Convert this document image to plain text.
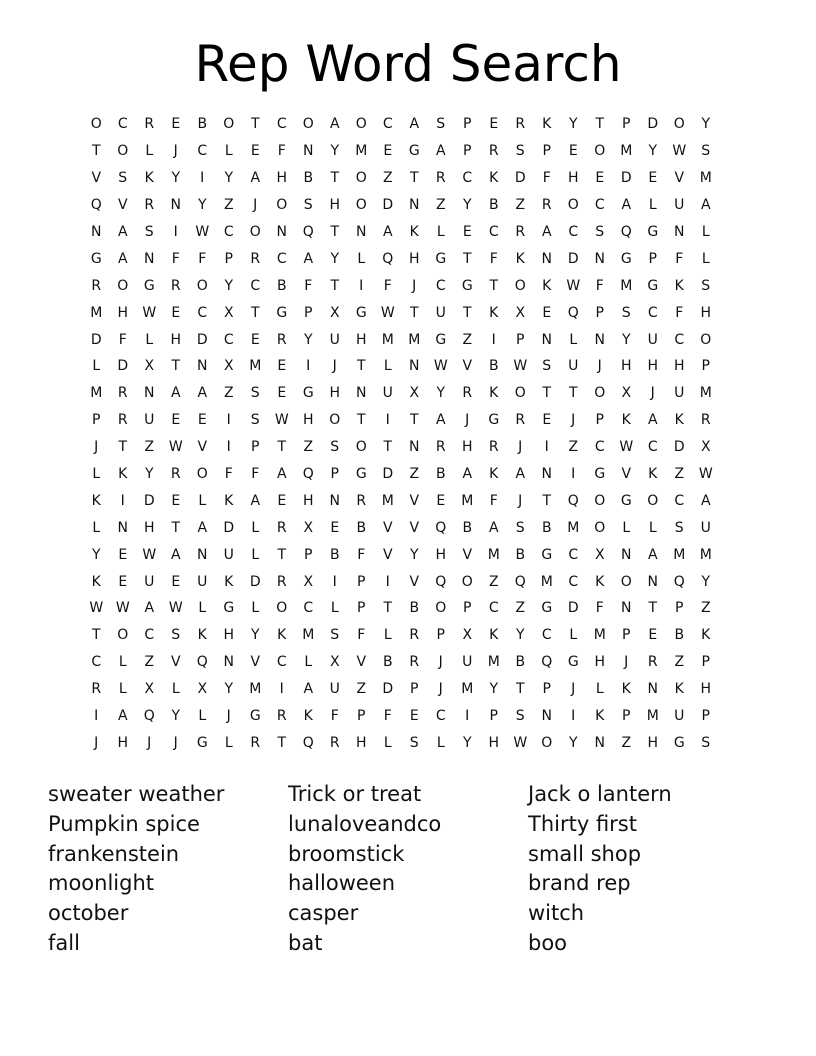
Rep Word Search
O	C	R	E	B	O	T	C	O	A	O	C	A	S	P	E	R	K	Y	T	P	D	O	Y
T	O	L	J	C	L	E	F	N	Y	M	E	G	A	P	R	S	P	E	O	M	Y	W	S
V	S	K	Y	I	Y	A	H	B	T	O	Z	T	R	C	K	D	F	H	E	D	E	V	M
Q	V	R	N	Y	Z	J	O	S	H	O	D	N	Z	Y	B	Z	R	O	C	A	L	U	A
N	A	S	I	W	C	O	N	Q	T	N	A	K	L	E	C	R	A	C	S	Q	G	N	L
G	A	N	F	F	P	R	C	A	Y	L	Q	H	G	T	F	K	N	D	N	G	P	F	L
R	O	G	R	O	Y	C	B	F	T	I	F	J	C	G	T	O	K	W	F	M	G	K	S
M	H	W	E	C	X	T	G	P	X	G	W	T	U	T	K	X	E	Q	P	S	C	F	H
D	F	L	H	D	C	E	R	Y	U	H	M	M	G	Z	I	P	N	L	N	Y	U	C	O
L	D	X	T	N	X	M	E	I	J	T	L	N	W	V	B	W	S	U	J	H	H	H	P
M	R	N	A	A	Z	S	E	G	H	N	U	X	Y	R	K	O	T	T	O	X	J	U	M
P	R	U	E	E	I	S	W	H	O	T	I	T	A	J	G	R	E	J	P	K	A	K	R
J	T	Z	W	V	I	P	T	Z	S	O	T	N	R	H	R	J	I	Z	C	W	C	D	X
L	K	Y	R	O	F	F	A	Q	P	G	D	Z	B	A	K	A	N	I	G	V	K	Z	W
K	I	D	E	L	K	A	E	H	N	R	M	V	E	M	F	J	T	Q	O	G	O	C	A
L	N	H	T	A	D	L	R	X	E	B	V	V	Q	B	A	S	B	M	O	L	L	S	U
Y	E	W	A	N	U	L	T	P	B	F	V	Y	H	V	M	B	G	C	X	N	A	M	M
K	E	U	E	U	K	D	R	X	I	P	I	V	Q	O	Z	Q	M	C	K	O	N	Q	Y
W W	A	W	L	G	L	O	C	L	P	T	B	O	P	C	Z	G	D	F	N	T	P	Z
T	O	C	S	K	H	Y	K	M	S	F	L	R	P	X	K	Y	C	L	M	P	E	B	K
C	L	Z	V	Q	N	V	C	L	X	V	B	R	J	U	M	B	Q	G	H	J	R	Z	P
R	L	X	L	X	Y	M	I	A	U	Z	D	P	J	M	Y	T	P	J	L	K	N	K	H
I	A	Q	Y	L	J	G	R	K	F	P	F	E	C	I	P	S	N	I	K	P	M	U	P
J	H	J	J	G	L	R	T	Q	R	H	L	S	L	Y	H	W	O	Y	N	Z	H	G	S
sweater weather
Pumpkin spice
frankenstein
moonlight
october
fall
Trick or treat
lunaloveandco
broomstick
halloween
casper
bat
Jack o lantern
Thirty first
small shop
brand rep
witch
boo
